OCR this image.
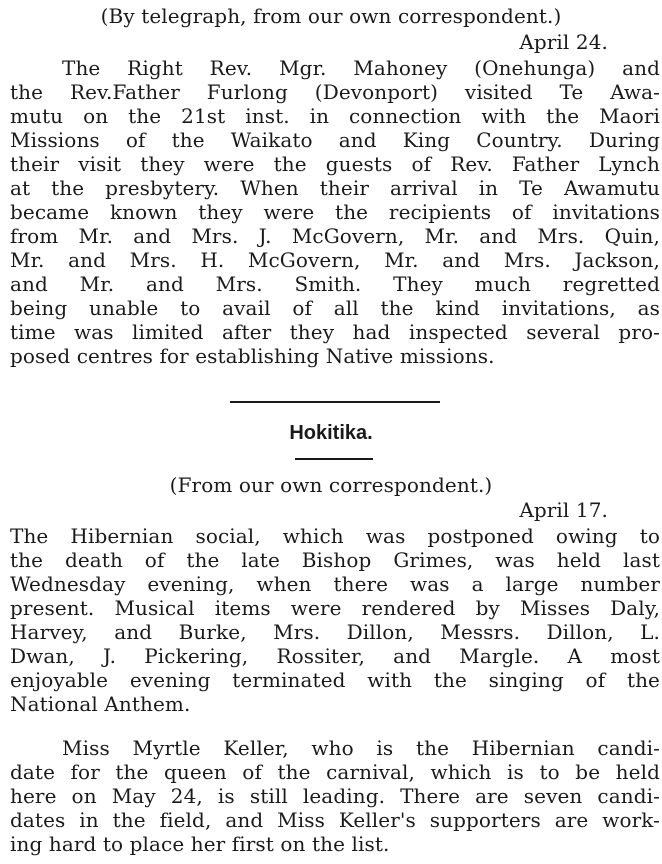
(By telegraph, from our own correspondent.)
April 24.
The Right Rev. Mgr. Mahoney (Onehunga) and
the Rev.Father Furlong (Devonport) visited Te Awa-
mutu on the 21st inst. in connection with the Maori
Missions of the Waikato and King Country. During
their visit they were the guests of Rev. Father Lynch
at the presbytery. When their arrival in Te Awamutu
became known they were the recipients of invitations
from Mr. and Mrs. J. McGovern, Mr. and Mrs. Quin,
Mr. and Mrs. H. McGovern, Mr. and Mrs. Jackson,
and Mr. and Mrs. Smith. They much regretted
being unable to avail of all the kind invitations, as
time was limited after they had inspected several pro-
posed centres for establishing Native missions.
Hokitika.
(From our own correspondent.)
April 17.
The Hibernian social, which was postponed owing to
the death of the late Bishop Grimes, was held last
Wednesday evening, when there was a large number
present. Musical items were rendered by Misses Daly,
Harvey, and Burke, Mrs. Dillon, Messrs. Dillon, L.
Dwan, J. Pickering, Rossiter, and Margle. A most
enjoyable evening terminated with the singing of the
National Anthem.
Miss Myrtle Keller, who is the Hibernian candi-
date for the queen of the carnival, which is to be held
here on May 24, is still leading. There are seven candi-
dates in the field, and Miss Keller's supporters are work-
ing hard to place her first on the list.
